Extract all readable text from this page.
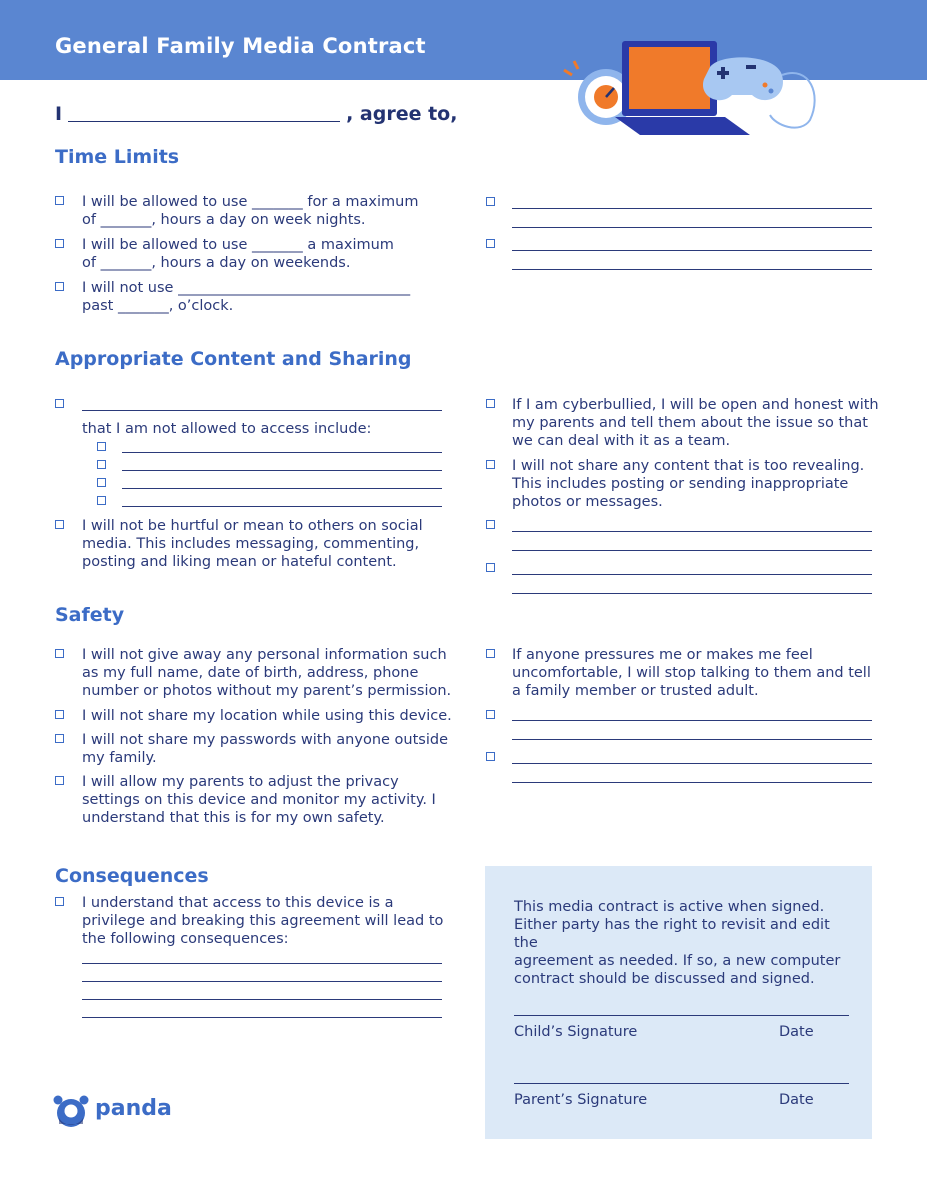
General Family Media Contract
I	, agree to,
Time Limits
I will be allowed to use _______ for a maximum
of _______, hours a day on week nights.
I will be allowed to use _______ a maximum
of _______, hours a day on weekends.
I will not use ________________________________
past _______, o’clock.
Appropriate Content and Sharing
that I am not allowed to access include:
I will not be hurtful or mean to others on social
media. This includes messaging, commenting,
posting and liking mean or hateful content.
If I am cyberbullied, I will be open and honest with
my parents and tell them about the issue so that
we can deal with it as a team.
I will not share any content that is too revealing.
This includes posting or sending inappropriate
photos or messages.
Safety
I will not give away any personal information such
as my full name, date of birth, address, phone
number or photos without my parent’s permission.
I will not share my location while using this device.
I will not share my passwords with anyone outside
my family.
I will allow my parents to adjust the privacy
settings on this device and monitor my activity. I
understand that this is for my own safety.
If anyone pressures me or makes me feel
uncomfortable, I will stop talking to them and tell
a family member or trusted adult.
Consequences
I understand that access to this device is a
privilege and breaking this agreement will lead to
the following consequences:
This media contract is active when signed.
Either party has the right to revisit and edit the
agreement as needed. If so, a new computer
contract should be discussed and signed.
Child’s Signature	Date
Parent’s Signature	Date
panda
